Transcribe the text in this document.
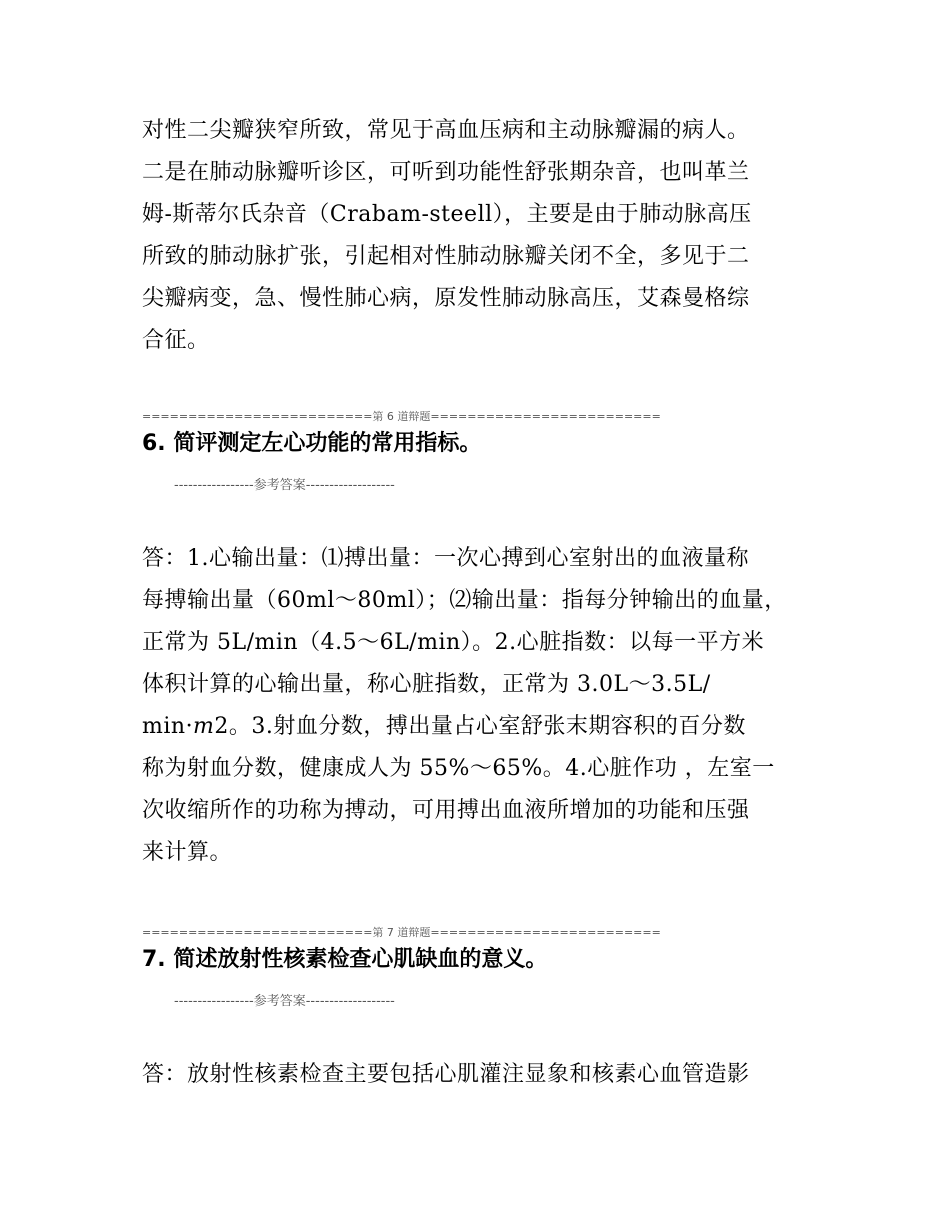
对性二尖瓣狭窄所致，常见于高血压病和主动脉瓣漏的病人。
二是在肺动脉瓣听诊区，可听到功能性舒张期杂音，也叫革兰
姆-斯蒂尔氏杂音（Crabam-steell），主要是由于肺动脉高压
所致的肺动脉扩张，引起相对性肺动脉瓣关闭不全，多见于二
尖瓣病变，急、慢性肺心病，原发性肺动脉高压，艾森曼格综
合征。
=========================第 6 道辩题=========================
6. 简评测定左心功能的常用指标。
-----------------参考答案-------------------
答：1.心输出量：⑴搏出量：一次心搏到心室射出的血液量称
每搏输出量（60ml～80ml）；⑵输出量：指每分钟输出的血量，
正常为 5L/min（4.5～6L/min）。2.心脏指数：以每一平方米
体积计算的心输出量，称心脏指数，正常为 3.0L～3.5L/
min·𝑚2。3.射血分数，搏出量占心室舒张末期容积的百分数
称为射血分数，健康成人为 55%～65%。4.心脏作功 ，左室一
次收缩所作的功称为搏动，可用搏出血液所增加的功能和压强
来计算。
=========================第 7 道辩题=========================
7. 简述放射性核素检查心肌缺血的意义。
-----------------参考答案-------------------
答：放射性核素检查主要包括心肌灌注显象和核素心血管造影
